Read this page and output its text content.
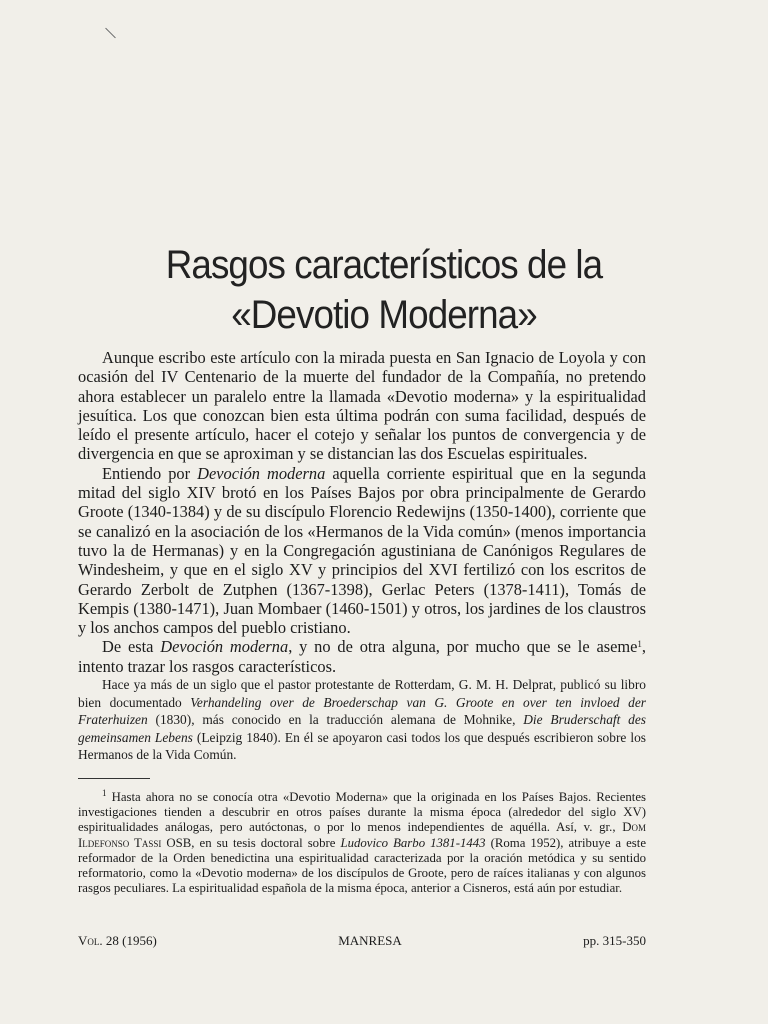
Rasgos característicos de la
«Devotio Moderna»

Aunque escribo este artículo con la mirada puesta en San Ignacio de Loyola y con ocasión del IV Centenario de la muerte del fundador de la Compañía, no pretendo ahora establecer un paralelo entre la llamada «Devotio moderna» y la espiritualidad jesuítica. Los que conozcan bien esta última podrán con suma facilidad, después de leído el presente artículo, hacer el cotejo y señalar los puntos de convergencia y de divergencia en que se aproximan y se distancian las dos Escuelas espirituales.

Entiendo por Devoción moderna aquella corriente espiritual que en la segunda mitad del siglo XIV brotó en los Países Bajos por obra principalmente de Gerardo Groote (1340-1384) y de su discípulo Florencio Redewijns (1350-1400), corriente que se canalizó en la asociación de los «Hermanos de la Vida común» (menos importancia tuvo la de Hermanas) y en la Congregación agustiniana de Canónigos Regulares de Windesheim, y que en el siglo XV y principios del XVI fertilizó con los escritos de Gerardo Zerbolt de Zutphen (1367-1398), Gerlac Peters (1378-1411), Tomás de Kempis (1380-1471), Juan Mombaer (1460-1501) y otros, los jardines de los claustros y los anchos campos del pueblo cristiano.

De esta Devoción moderna, y no de otra alguna, por mucho que se le aseme$^1$, intento trazar los rasgos característicos.

Hace ya más de un siglo que el pastor protestante de Rotterdam, G. M. H. Delprat, publicó su libro bien documentado Verhandeling over de Broederschap van G. Groote en over ten invloed der Fraterhuizen (1830), más conocido en la traducción alemana de Mohnike, Die Bruderschaft des gemeinsamen Lebens (Leipzig 1840). En él se apoyaron casi todos los que después escribieron sobre los Hermanos de la Vida Común.

$^1$ Hasta ahora no se conocía otra «Devotio Moderna» que la originada en los Países Bajos. Recientes investigaciones tienden a descubrir en otros países durante la misma época (alrededor del siglo XV) espiritualidades análogas, pero autóctonas, o por lo menos independientes de aquélla. Así, v. gr., Dom Ildefonso Tassi OSB, en su tesis doctoral sobre Ludovico Barbo 1381-1443 (Roma 1952), atribuye a este reformador de la Orden benedictina una espiritualidad caracterizada por la oración metódica y su sentido reformatorio, como la «Devotio moderna» de los discípulos de Groote, pero de raíces italianas y con algunos rasgos peculiares. La espiritualidad española de la misma época, anterior a Cisneros, está aún por estudiar.

Vol. 28 (1956)	MANRESA	pp. 315-350
